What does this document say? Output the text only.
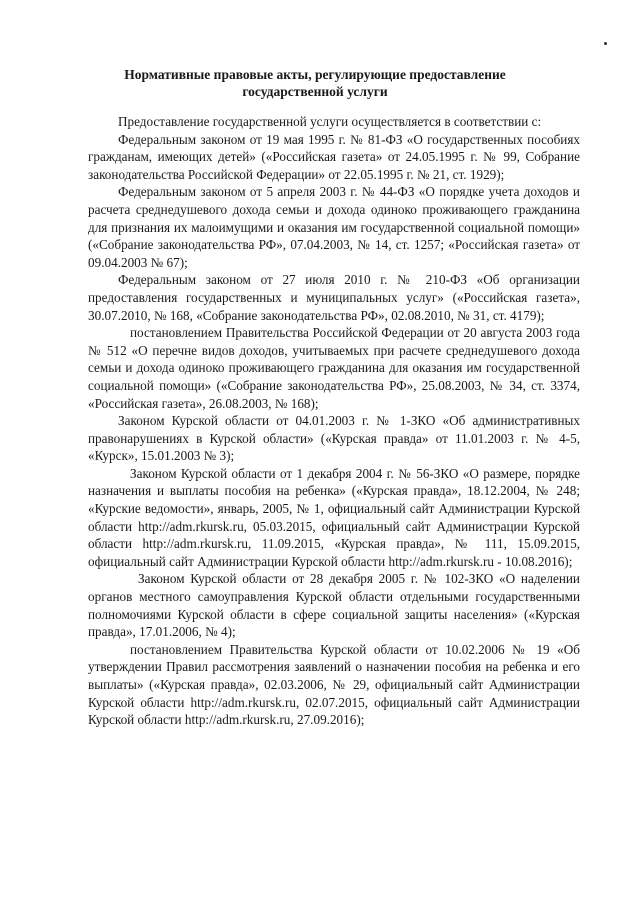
Нормативные правовые акты, регулирующие предоставление
государственной услуги

Предоставление государственной услуги осуществляется в соответствии с:

Федеральным законом от 19 мая 1995 г. № 81-ФЗ «О государственных пособиях гражданам, имеющих детей» («Российская газета» от 24.05.1995 г. № 99, Собрание законодательства Российской Федерации» от 22.05.1995 г. № 21, ст. 1929);

Федеральным законом от 5 апреля 2003 г. № 44-ФЗ «О порядке учета доходов и расчета среднедушевого дохода семьи и дохода одиноко проживающего гражданина для признания их малоимущими и оказания им государственной социальной помощи» («Собрание законодательства РФ», 07.04.2003, № 14, ст. 1257; «Российская газета» от 09.04.2003 № 67);

Федеральным законом от 27 июля 2010 г. № 210-ФЗ «Об организации предоставления государственных и муниципальных услуг» («Российская газета», 30.07.2010, № 168, «Собрание законодательства РФ», 02.08.2010, № 31, ст. 4179);

постановлением Правительства Российской Федерации от 20 августа 2003 года № 512 «О перечне видов доходов, учитываемых при расчете среднедушевого дохода семьи и дохода одиноко проживающего гражданина для оказания им государственной социальной помощи» («Собрание законодательства РФ», 25.08.2003, № 34, ст. 3374, «Российская газета», 26.08.2003, № 168);

Законом Курской области от 04.01.2003 г. № 1-ЗКО «Об административных правонарушениях в Курской области» («Курская правда» от 11.01.2003 г. № 4-5, «Курск», 15.01.2003 № 3);

Законом Курской области от 1 декабря 2004 г. № 56-ЗКО «О размере, порядке назначения и выплаты пособия на ребенка» («Курская правда», 18.12.2004, № 248; «Курские ведомости», январь, 2005, № 1, официальный сайт Администрации Курской области http://adm.rkursk.ru, 05.03.2015, официальный сайт Администрации Курской области http://adm.rkursk.ru, 11.09.2015, «Курская правда», № 111, 15.09.2015, официальный сайт Администрации Курской области http://adm.rkursk.ru - 10.08.2016);

Законом Курской области от 28 декабря 2005 г. № 102-ЗКО «О наделении органов местного самоуправления Курской области отдельными государственными полномочиями Курской области в сфере социальной защиты населения» («Курская правда», 17.01.2006, № 4);

постановлением Правительства Курской области от 10.02.2006 № 19 «Об утверждении Правил рассмотрения заявлений о назначении пособия на ребенка и его выплаты» («Курская правда», 02.03.2006, № 29, официальный сайт Администрации Курской области http://adm.rkursk.ru, 02.07.2015, официальный сайт Администрации Курской области http://adm.rkursk.ru, 27.09.2016);
